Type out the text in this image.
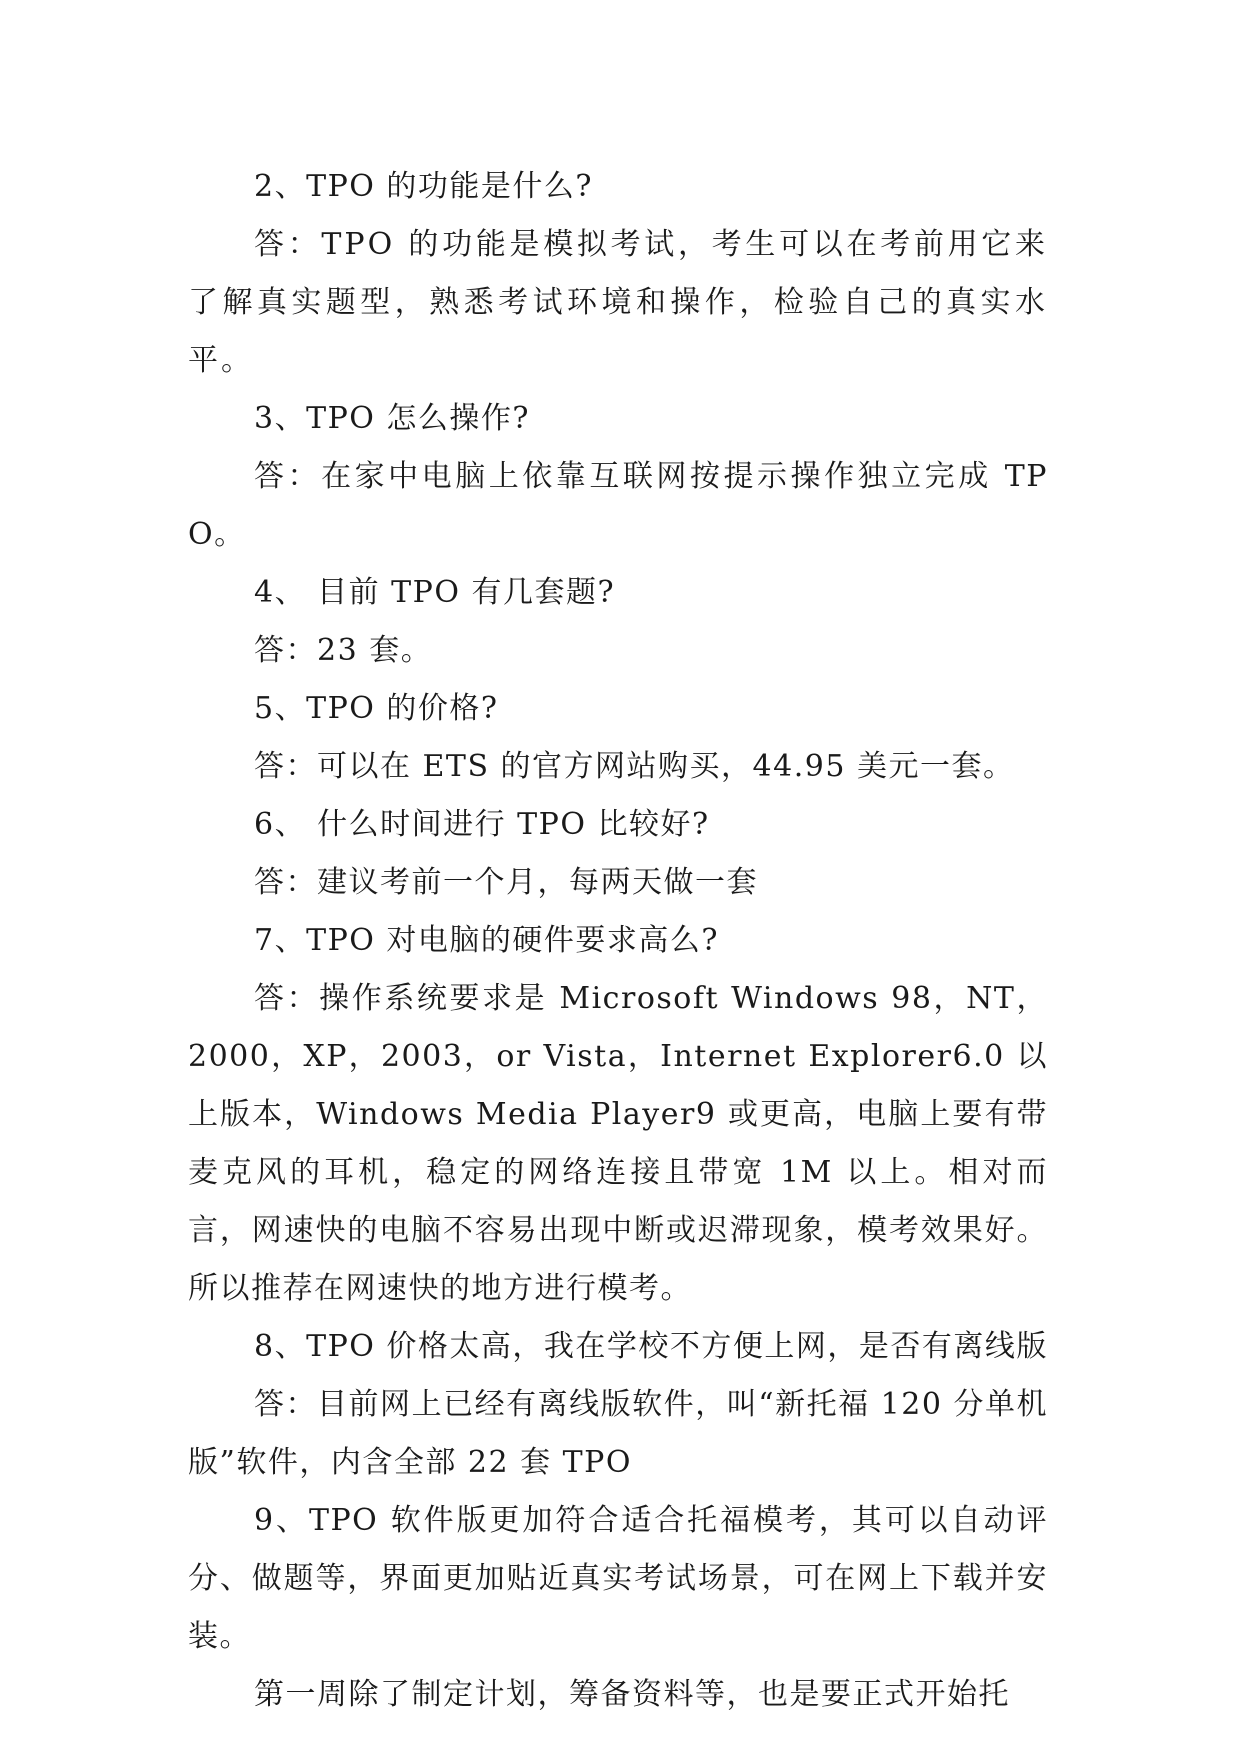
2、TPO 的功能是什么?

答：TPO 的功能是模拟考试，考生可以在考前用它来了解真实题型，熟悉考试环境和操作，检验自己的真实水平。

3、TPO 怎么操作?

答：在家中电脑上依靠互联网按提示操作独立完成 TPO。

4、 目前 TPO 有几套题?

答：23 套。

5、TPO 的价格?

答：可以在 ETS 的官方网站购买，44.95 美元一套。

6、 什么时间进行 TPO 比较好?

答：建议考前一个月，每两天做一套

7、TPO 对电脑的硬件要求高么?

答：操作系统要求是 Microsoft Windows 98，NT，2000，XP，2003，or Vista，Internet Explorer6.0 以上版本，Windows Media Player9 或更高，电脑上要有带麦克风的耳机，稳定的网络连接且带宽 1M 以上。相对而言，网速快的电脑不容易出现中断或迟滞现象，模考效果好。所以推荐在网速快的地方进行模考。

8、TPO 价格太高，我在学校不方便上网，是否有离线版

答：目前网上已经有离线版软件，叫“新托福 120 分单机版”软件，内含全部 22 套 TPO

9、TPO 软件版更加符合适合托福模考，其可以自动评分、做题等，界面更加贴近真实考试场景，可在网上下载并安装。

第一周除了制定计划，筹备资料等，也是要正式开始托
